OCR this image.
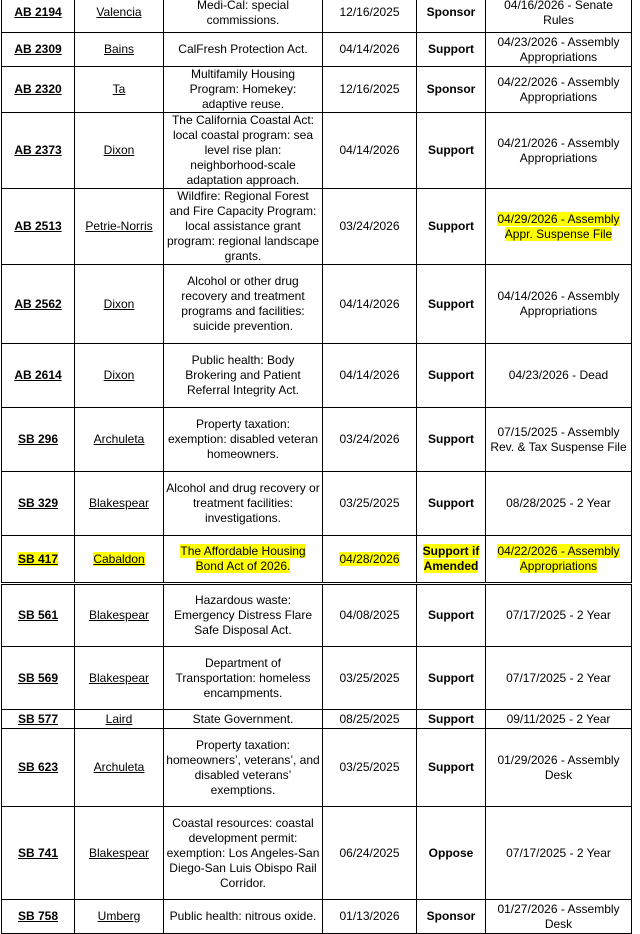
AB 2194	Valencia	Medi-Cal: special commissions.	12/16/2025	Sponsor	04/16/2026 - Senate Rules
AB 2309	Bains	CalFresh Protection Act.	04/14/2026	Support	04/23/2026 - Assembly Appropriations
AB 2320	Ta	Multifamily Housing Program: Homekey: adaptive reuse.	12/16/2025	Sponsor	04/22/2026 - Assembly Appropriations
AB 2373	Dixon	The California Coastal Act: local coastal program: sea level rise plan: neighborhood-scale adaptation approach.	04/14/2026	Support	04/21/2026 - Assembly Appropriations
AB 2513	Petrie-Norris	Wildfire: Regional Forest and Fire Capacity Program: local assistance grant program: regional landscape grants.	03/24/2026	Support	04/29/2026 - Assembly Appr. Suspense File
AB 2562	Dixon	Alcohol or other drug recovery and treatment programs and facilities: suicide prevention.	04/14/2026	Support	04/14/2026 - Assembly Appropriations
AB 2614	Dixon	Public health: Body Brokering and Patient Referral Integrity Act.	04/14/2026	Support	04/23/2026 - Dead
SB 296	Archuleta	Property taxation: exemption: disabled veteran homeowners.	03/24/2026	Support	07/15/2025 - Assembly Rev. & Tax Suspense File
SB 329	Blakespear	Alcohol and drug recovery or treatment facilities: investigations.	03/25/2025	Support	08/28/2025 - 2 Year
SB 417	Cabaldon	The Affordable Housing Bond Act of 2026.	04/28/2026	Support if Amended	04/22/2026 - Assembly Appropriations
SB 561	Blakespear	Hazardous waste: Emergency Distress Flare Safe Disposal Act.	04/08/2025	Support	07/17/2025 - 2 Year
SB 569	Blakespear	Department of Transportation: homeless encampments.	03/25/2025	Support	07/17/2025 - 2 Year
SB 577	Laird	State Government.	08/25/2025	Support	09/11/2025 - 2 Year
SB 623	Archuleta	Property taxation: homeowners’, veterans’, and disabled veterans’ exemptions.	03/25/2025	Support	01/29/2026 - Assembly Desk
SB 741	Blakespear	Coastal resources: coastal development permit: exemption: Los Angeles-San Diego-San Luis Obispo Rail Corridor.	06/24/2025	Oppose	07/17/2025 - 2 Year
SB 758	Umberg	Public health: nitrous oxide.	01/13/2026	Sponsor	01/27/2026 - Assembly Desk
